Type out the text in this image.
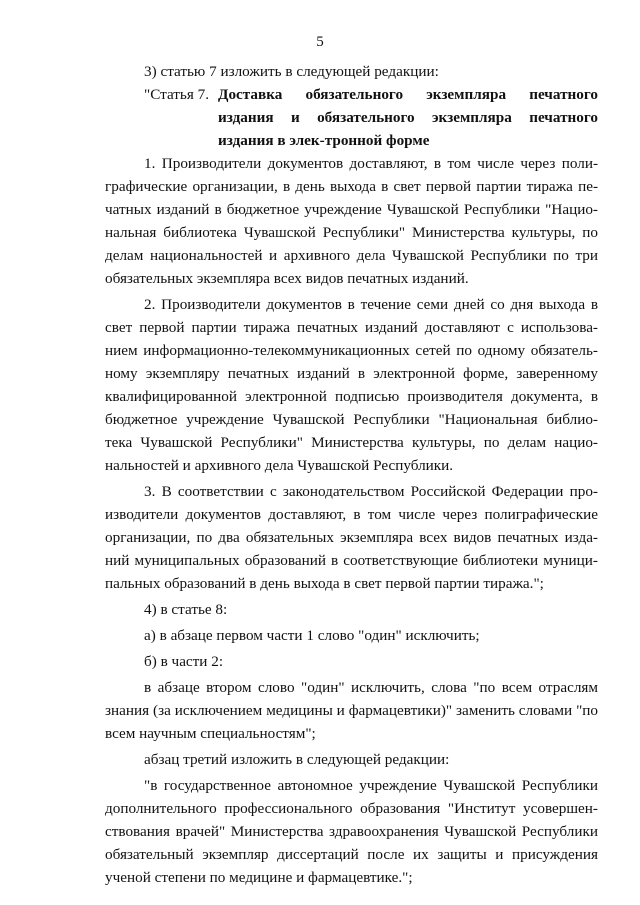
5

3) статью 7 изложить в следующей редакции:

"Статья 7. Доставка обязательного экземпляра печатного издания и обязательного экземпляра печатного издания в элек-тронной форме

1. Производители документов доставляют, в том числе через поли-графические организации, в день выхода в свет первой партии тиража пе-чатных изданий в бюджетное учреждение Чувашской Республики "Нацио-нальная библиотека Чувашской Республики" Министерства культуры, по делам национальностей и архивного дела Чувашской Республики по три обязательных экземпляра всех видов печатных изданий.

2. Производители документов в течение семи дней со дня выхода в свет первой партии тиража печатных изданий доставляют с использова-нием информационно-телекоммуникационных сетей по одному обязатель-ному экземпляру печатных изданий в электронной форме, заверенному квалифицированной электронной подписью производителя документа, в бюджетное учреждение Чувашской Республики "Национальная библио-тека Чувашской Республики" Министерства культуры, по делам нацио-нальностей и архивного дела Чувашской Республики.

3. В соответствии с законодательством Российской Федерации про-изводители документов доставляют, в том числе через полиграфические организации, по два обязательных экземпляра всех видов печатных изда-ний муниципальных образований в соответствующие библиотеки муници-пальных образований в день выхода в свет первой партии тиража.";

4) в статье 8:

а) в абзаце первом части 1 слово "один" исключить;

б) в части 2:

в абзаце втором слово "один" исключить, слова "по всем отраслям знания (за исключением медицины и фармацевтики)" заменить словами "по всем научным специальностям";

абзац третий изложить в следующей редакции:

"в государственное автономное учреждение Чувашской Республики дополнительного профессионального образования "Институт усовершен-ствования врачей" Министерства здравоохранения Чувашской Республики обязательный экземпляр диссертаций после их защиты и присуждения ученой степени по медицине и фармацевтике.";
